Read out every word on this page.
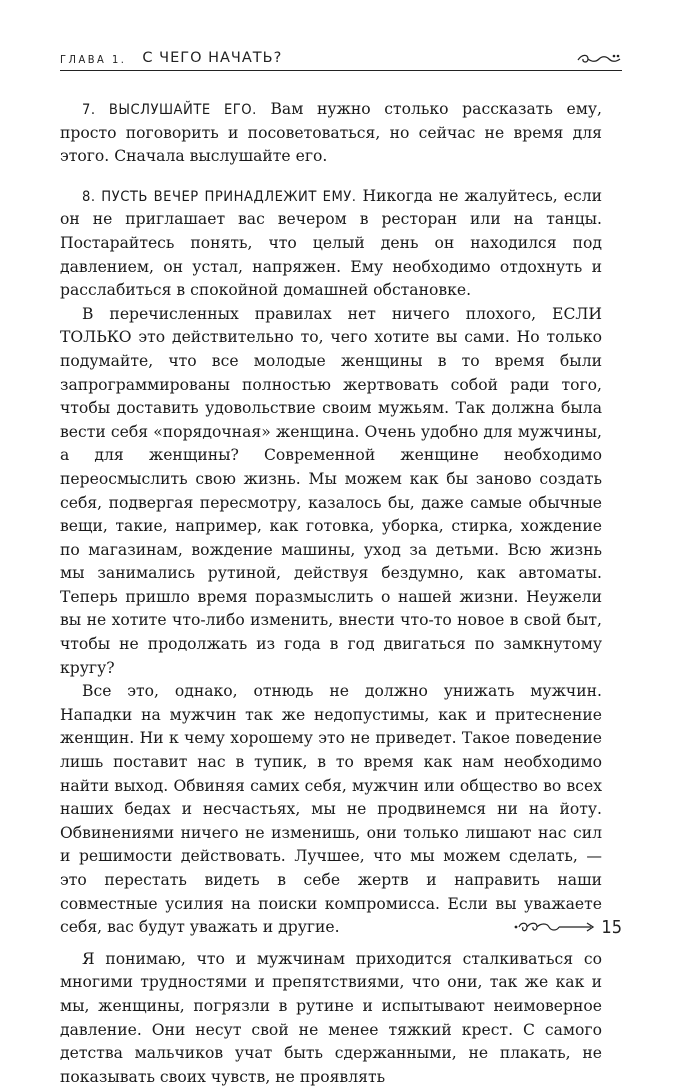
ГЛАВА 1. С ЧЕГО НАЧАТЬ?

7. ВЫСЛУШАЙТЕ ЕГО. Вам нужно столько рассказать ему, просто поговорить и посоветоваться, но сейчас не время для этого. Сначала выслушайте его.

8. ПУСТЬ ВЕЧЕР ПРИНАДЛЕЖИТ ЕМУ. Никогда не жалуйтесь, если он не приглашает вас вечером в ресторан или на танцы. Постарайтесь понять, что целый день он находился под давлением, он устал, напряжен. Ему необходимо отдохнуть и расслабиться в спокойной домашней обстановке.

В перечисленных правилах нет ничего плохого, ЕСЛИ ТОЛЬКО это действительно то, чего хотите вы сами. Но только подумайте, что все молодые женщины в то время были запрограммированы полностью жертвовать собой ради того, чтобы доставить удовольствие своим мужьям. Так должна была вести себя «порядочная» женщина. Очень удобно для мужчины, а для женщины? Современной женщине необходимо переосмыслить свою жизнь. Мы можем как бы заново создать себя, подвергая пересмотру, казалось бы, даже самые обычные вещи, такие, например, как готовка, уборка, стирка, хождение по магазинам, вождение машины, уход за детьми. Всю жизнь мы занимались рутиной, действуя бездумно, как автоматы. Теперь пришло время поразмыслить о нашей жизни. Неужели вы не хотите что-либо изменить, внести что-то новое в свой быт, чтобы не продолжать из года в год двигаться по замкнутому кругу?

Все это, однако, отнюдь не должно унижать мужчин. Нападки на мужчин так же недопустимы, как и притеснение женщин. Ни к чему хорошему это не приведет. Такое поведение лишь поставит нас в тупик, в то время как нам необходимо найти выход. Обвиняя самих себя, мужчин или общество во всех наших бедах и несчастьях, мы не продвинемся ни на йоту. Обвинениями ничего не изменишь, они только лишают нас сил и решимости действовать. Лучшее, что мы можем сделать, — это перестать видеть в себе жертв и направить наши совместные усилия на поиски компромисса. Если вы уважаете себя, вас будут уважать и другие.

Я понимаю, что и мужчинам приходится сталкиваться со многими трудностями и препятствиями, что они, так же как и мы, женщины, погрязли в рутине и испытывают неимоверное давление. Они несут свой не менее тяжкий крест. С самого детства мальчиков учат быть сдержанными, не плакать, не показывать своих чувств, не проявлять

15
